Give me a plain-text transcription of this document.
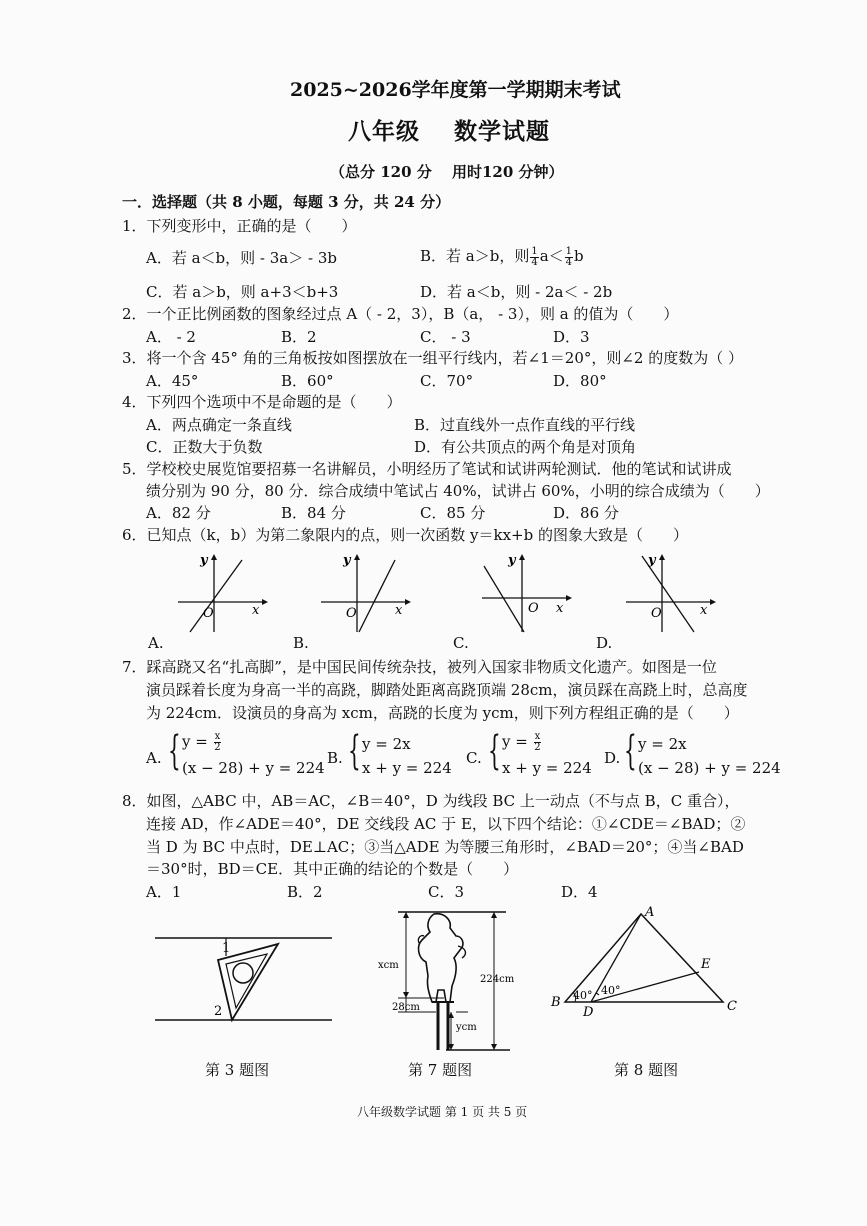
2025~2026学年度第一学期期末考试
八年级 数学试题
（总分 120 分　 用时120 分钟）
一．选择题（共 8 小题，每题 3 分，共 24 分）
1．下列变形中，正确的是（　　）
A．若 a＜b，则 - 3a＞ - 3b	B．若 a＞b，则 $\frac{1}{4} a< \frac{1}{4}$ b
C．若 a＞b，则 a+3＜b+3	D．若 a＜b，则 - 2a＜ - 2b
2．一个正比例函数的图象经过点 A（ - 2，3），B（a， - 3），则 a 的值为（　　）
A． - 2	B．2	C． - 3	D．3
3．将一个含 45° 角的三角板按如图摆放在一组平行线内，若∠1＝20°，则∠2 的度数为（ ）
A．45°	B．60°	C．70°	D．80°
4．下列四个选项中不是命题的是（　　）
A．两点确定一条直线	B．过直线外一点作直线的平行线
C．正数大于负数	D．有公共顶点的两个角是对顶角
5．学校校史展览馆要招募一名讲解员，小明经历了笔试和试讲两轮测试．他的笔试和试讲成
绩分别为 90 分，80 分．综合成绩中笔试占 40%，试讲占 60%，小明的综合成绩为（　　）
A．82 分	B．84 分	C．85 分	D．86 分
6．已知点（k，b）为第二象限内的点，则一次函数 y＝kx+b 的图象大致是（　　）
y
x
O
y
x
O
y
x
O
y
x
O
A.	B.	C.	D.
7．踩高跷又名“扎高脚”，是中国民间传统杂技，被列入国家非物质文化遗产。如图是一位
演员踩着长度为身高一半的高跷，脚踏处距离高跷顶端 28cm，演员踩在高跷上时，总高度
为 224cm．设演员的身高为 xcm，高跷的长度为 ycm，则下列方程组正确的是（　　）
A. { $y = \frac{x}{2}$
(x − 28) + y = 224
B. { y = 2x
x + y = 224
C. { $y = \frac{x}{2}$
x + y = 224
D. { y = 2x
(x − 28) + y = 224
8．如图，△ABC 中，AB＝AC，∠B＝40°，D 为线段 BC 上一动点（不与点 B，C 重合），
连接 AD，作∠ADE＝40°，DE 交线段 AC 于 E，以下四个结论：①∠CDE＝∠BAD；②
当 D 为 BC 中点时，DE⊥AC；③当△ADE 为等腰三角形时，∠BAD＝20°；④当∠BAD
＝30°时，BD＝CE．其中正确的结论的个数是（　　）
A．1	B．2	C．3	D．4
1
2
第 3 题图
xcm
224cm
28cm
ycm
第 7 题图
A
B	C
D
E
40° 40°
第 8 题图
八年级数学试题 第 1 页 共 5 页
